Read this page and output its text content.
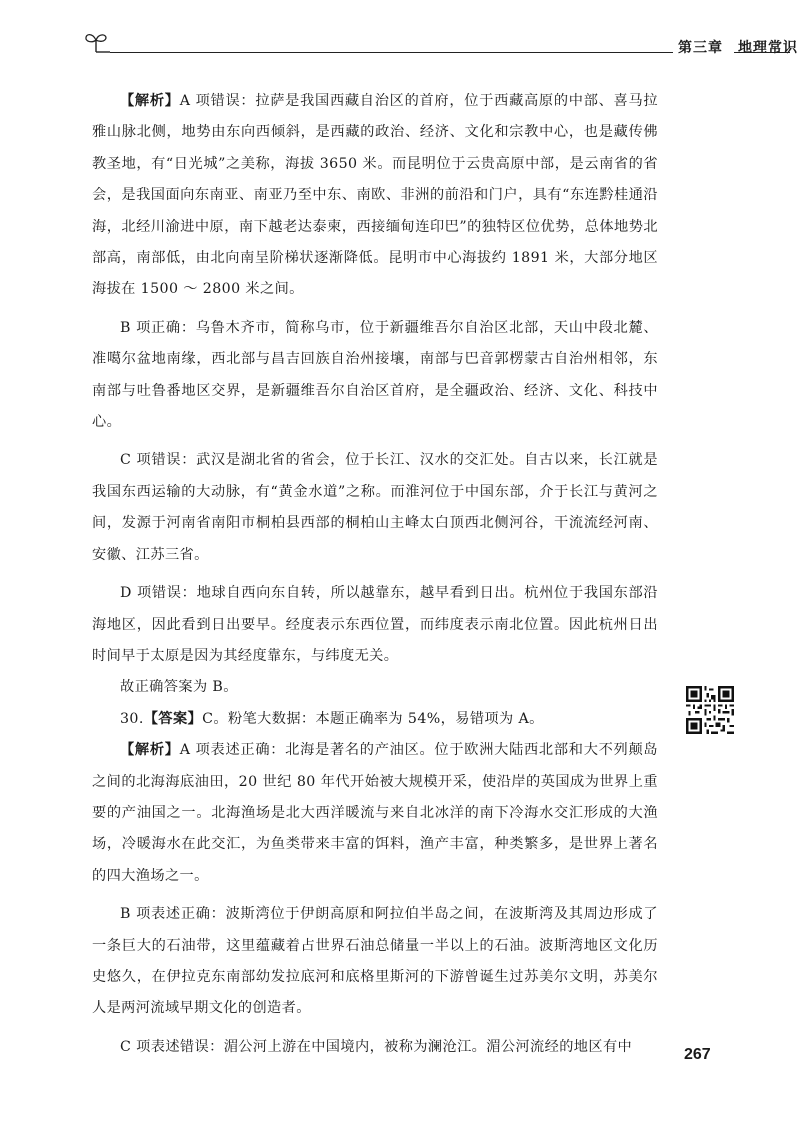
第三章　地理常识

【解析】A 项错误：拉萨是我国西藏自治区的首府，位于西藏高原的中部、喜马拉雅山脉北侧，地势由东向西倾斜，是西藏的政治、经济、文化和宗教中心，也是藏传佛教圣地，有“日光城”之美称，海拔 3650 米。而昆明位于云贵高原中部，是云南省的省会，是我国面向东南亚、南亚乃至中东、南欧、非洲的前沿和门户，具有“东连黔桂通沿海，北经川渝进中原，南下越老达泰柬，西接缅甸连印巴”的独特区位优势，总体地势北部高，南部低，由北向南呈阶梯状逐渐降低。昆明市中心海拔约 1891 米，大部分地区海拔在 1500 ～ 2800 米之间。

B 项正确：乌鲁木齐市，简称乌市，位于新疆维吾尔自治区北部，天山中段北麓、准噶尔盆地南缘，西北部与昌吉回族自治州接壤，南部与巴音郭楞蒙古自治州相邻，东南部与吐鲁番地区交界，是新疆维吾尔自治区首府，是全疆政治、经济、文化、科技中心。

C 项错误：武汉是湖北省的省会，位于长江、汉水的交汇处。自古以来，长江就是我国东西运输的大动脉，有“黄金水道”之称。而淮河位于中国东部，介于长江与黄河之间，发源于河南省南阳市桐柏县西部的桐柏山主峰太白顶西北侧河谷，干流流经河南、安徽、江苏三省。

D 项错误：地球自西向东自转，所以越靠东，越早看到日出。杭州位于我国东部沿海地区，因此看到日出要早。经度表示东西位置，而纬度表示南北位置。因此杭州日出时间早于太原是因为其经度靠东，与纬度无关。

故正确答案为 B。

30.【答案】C。粉笔大数据：本题正确率为 54%，易错项为 A。

【解析】A 项表述正确：北海是著名的产油区。位于欧洲大陆西北部和大不列颠岛之间的北海海底油田，20 世纪 80 年代开始被大规模开采，使沿岸的英国成为世界上重要的产油国之一。北海渔场是北大西洋暖流与来自北冰洋的南下冷海水交汇形成的大渔场，冷暖海水在此交汇，为鱼类带来丰富的饵料，渔产丰富，种类繁多，是世界上著名的四大渔场之一。

B 项表述正确：波斯湾位于伊朗高原和阿拉伯半岛之间，在波斯湾及其周边形成了一条巨大的石油带，这里蕴藏着占世界石油总储量一半以上的石油。波斯湾地区文化历史悠久，在伊拉克东南部幼发拉底河和底格里斯河的下游曾诞生过苏美尔文明，苏美尔人是两河流域早期文化的创造者。

C 项表述错误：湄公河上游在中国境内，被称为澜沧江。湄公河流经的地区有中	267
